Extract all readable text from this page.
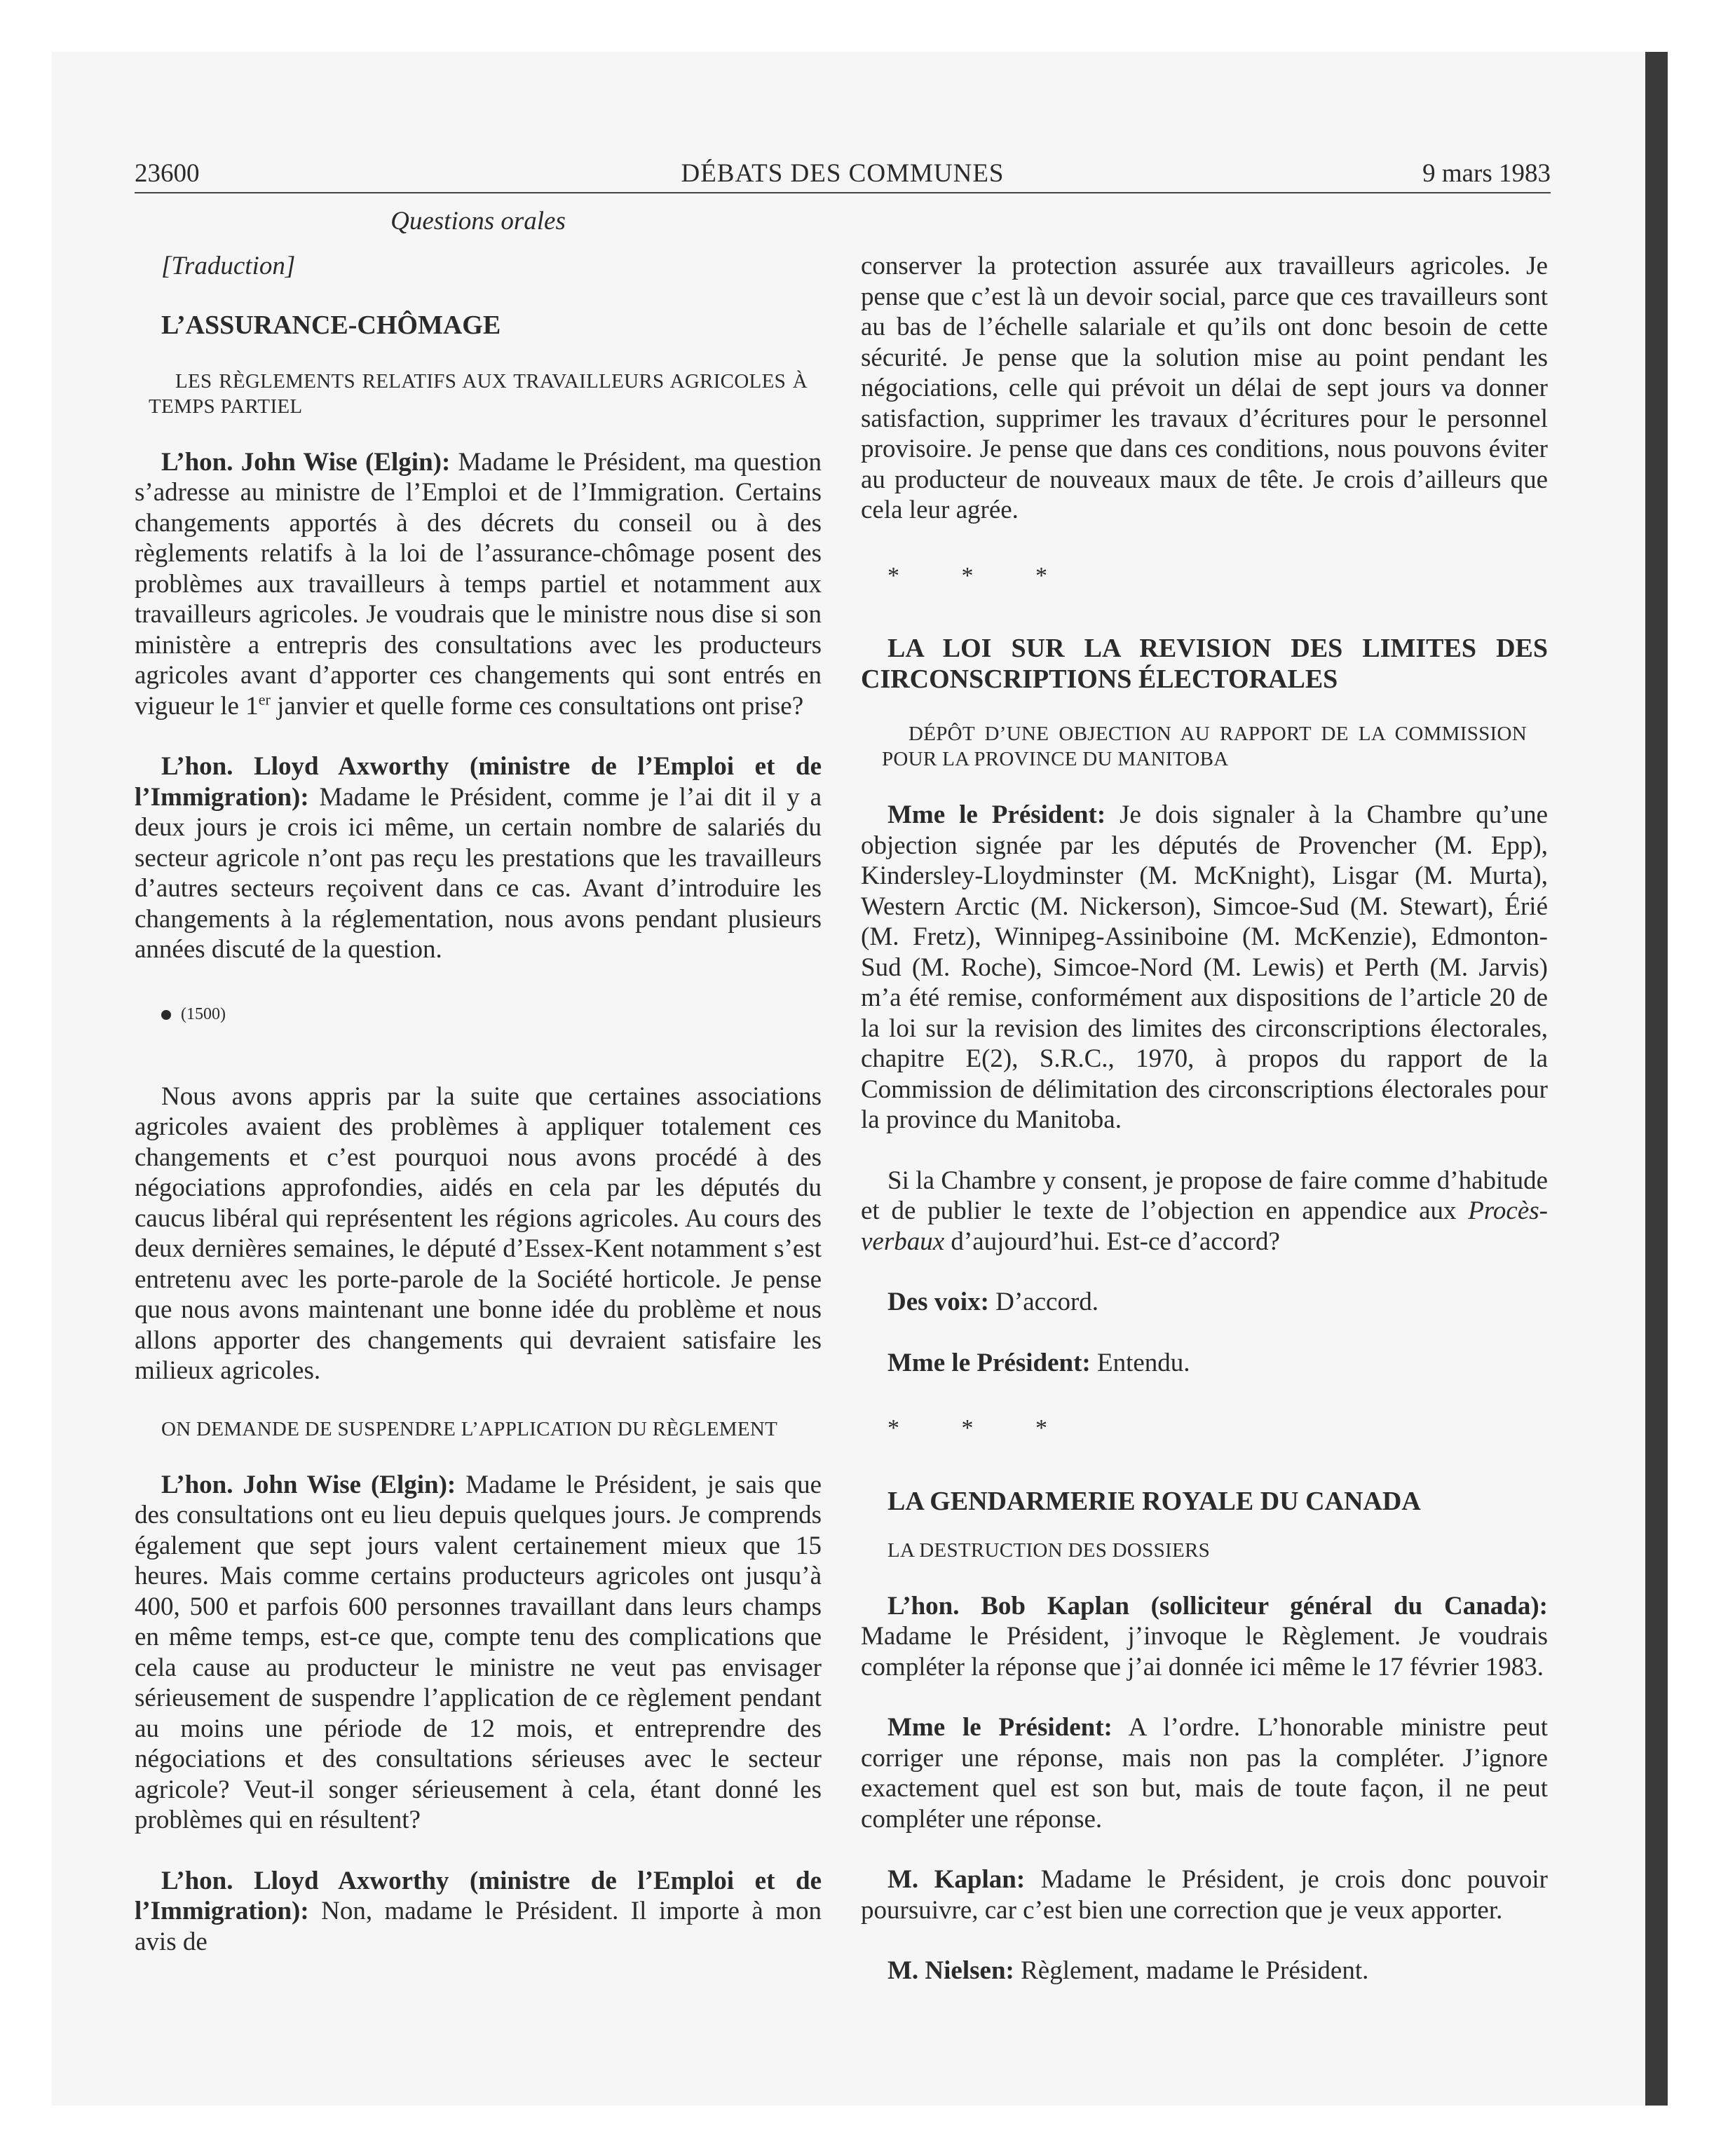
23600	DÉBATS DES COMMUNES	9 mars 1983
Questions orales

[Traduction]

L’ASSURANCE-CHÔMAGE

LES RÈGLEMENTS RELATIFS AUX TRAVAILLEURS AGRICOLES À TEMPS PARTIEL

L’hon. John Wise (Elgin): Madame le Président, ma question s’adresse au ministre de l’Emploi et de l’Immigration. Certains changements apportés à des décrets du conseil ou à des règlements relatifs à la loi de l’assurance-chômage posent des problèmes aux travailleurs à temps partiel et notamment aux travailleurs agricoles. Je voudrais que le ministre nous dise si son ministère a entrepris des consultations avec les producteurs agricoles avant d’apporter ces changements qui sont entrés en vigueur le 1er janvier et quelle forme ces consultations ont prise?

L’hon. Lloyd Axworthy (ministre de l’Emploi et de l’Immigration): Madame le Président, comme je l’ai dit il y a deux jours je crois ici même, un certain nombre de salariés du secteur agricole n’ont pas reçu les prestations que les travailleurs d’autres secteurs reçoivent dans ce cas. Avant d’introduire les changements à la réglementation, nous avons pendant plusieurs années discuté de la question.

(1500)

Nous avons appris par la suite que certaines associations agricoles avaient des problèmes à appliquer totalement ces changements et c’est pourquoi nous avons procédé à des négociations approfondies, aidés en cela par les députés du caucus libéral qui représentent les régions agricoles. Au cours des deux dernières semaines, le député d’Essex-Kent notamment s’est entretenu avec les porte-parole de la Société horticole. Je pense que nous avons maintenant une bonne idée du problème et nous allons apporter des changements qui devraient satisfaire les milieux agricoles.

ON DEMANDE DE SUSPENDRE L’APPLICATION DU RÈGLEMENT

L’hon. John Wise (Elgin): Madame le Président, je sais que des consultations ont eu lieu depuis quelques jours. Je comprends également que sept jours valent certainement mieux que 15 heures. Mais comme certains producteurs agricoles ont jusqu’à 400, 500 et parfois 600 personnes travaillant dans leurs champs en même temps, est-ce que, compte tenu des complications que cela cause au producteur le ministre ne veut pas envisager sérieusement de suspendre l’application de ce règlement pendant au moins une période de 12 mois, et entreprendre des négociations et des consultations sérieuses avec le secteur agricole? Veut-il songer sérieusement à cela, étant donné les problèmes qui en résultent?

L’hon. Lloyd Axworthy (ministre de l’Emploi et de l’Immigration): Non, madame le Président. Il importe à mon avis de

conserver la protection assurée aux travailleurs agricoles. Je pense que c’est là un devoir social, parce que ces travailleurs sont au bas de l’échelle salariale et qu’ils ont donc besoin de cette sécurité. Je pense que la solution mise au point pendant les négociations, celle qui prévoit un délai de sept jours va donner satisfaction, supprimer les travaux d’écritures pour le personnel provisoire. Je pense que dans ces conditions, nous pouvons éviter au producteur de nouveaux maux de tête. Je crois d’ailleurs que cela leur agrée.

* * *

LA LOI SUR LA REVISION DES LIMITES DES CIRCONSCRIPTIONS ÉLECTORALES

DÉPÔT D’UNE OBJECTION AU RAPPORT DE LA COMMISSION POUR LA PROVINCE DU MANITOBA

Mme le Président: Je dois signaler à la Chambre qu’une objection signée par les députés de Provencher (M. Epp), Kindersley-Lloydminster (M. McKnight), Lisgar (M. Murta), Western Arctic (M. Nickerson), Simcoe-Sud (M. Stewart), Érié (M. Fretz), Winnipeg-Assiniboine (M. McKenzie), Edmonton-Sud (M. Roche), Simcoe-Nord (M. Lewis) et Perth (M. Jarvis) m’a été remise, conformément aux dispositions de l’article 20 de la loi sur la revision des limites des circonscriptions électorales, chapitre E(2), S.R.C., 1970, à propos du rapport de la Commission de délimitation des circonscriptions électorales pour la province du Manitoba.

Si la Chambre y consent, je propose de faire comme d’habitude et de publier le texte de l’objection en appendice aux Procès-verbaux d’aujourd’hui. Est-ce d’accord?

Des voix: D’accord.

Mme le Président: Entendu.

* * *

LA GENDARMERIE ROYALE DU CANADA

LA DESTRUCTION DES DOSSIERS

L’hon. Bob Kaplan (solliciteur général du Canada): Madame le Président, j’invoque le Règlement. Je voudrais compléter la réponse que j’ai donnée ici même le 17 février 1983.

Mme le Président: A l’ordre. L’honorable ministre peut corriger une réponse, mais non pas la compléter. J’ignore exactement quel est son but, mais de toute façon, il ne peut compléter une réponse.

M. Kaplan: Madame le Président, je crois donc pouvoir poursuivre, car c’est bien une correction que je veux apporter.

M. Nielsen: Règlement, madame le Président.
